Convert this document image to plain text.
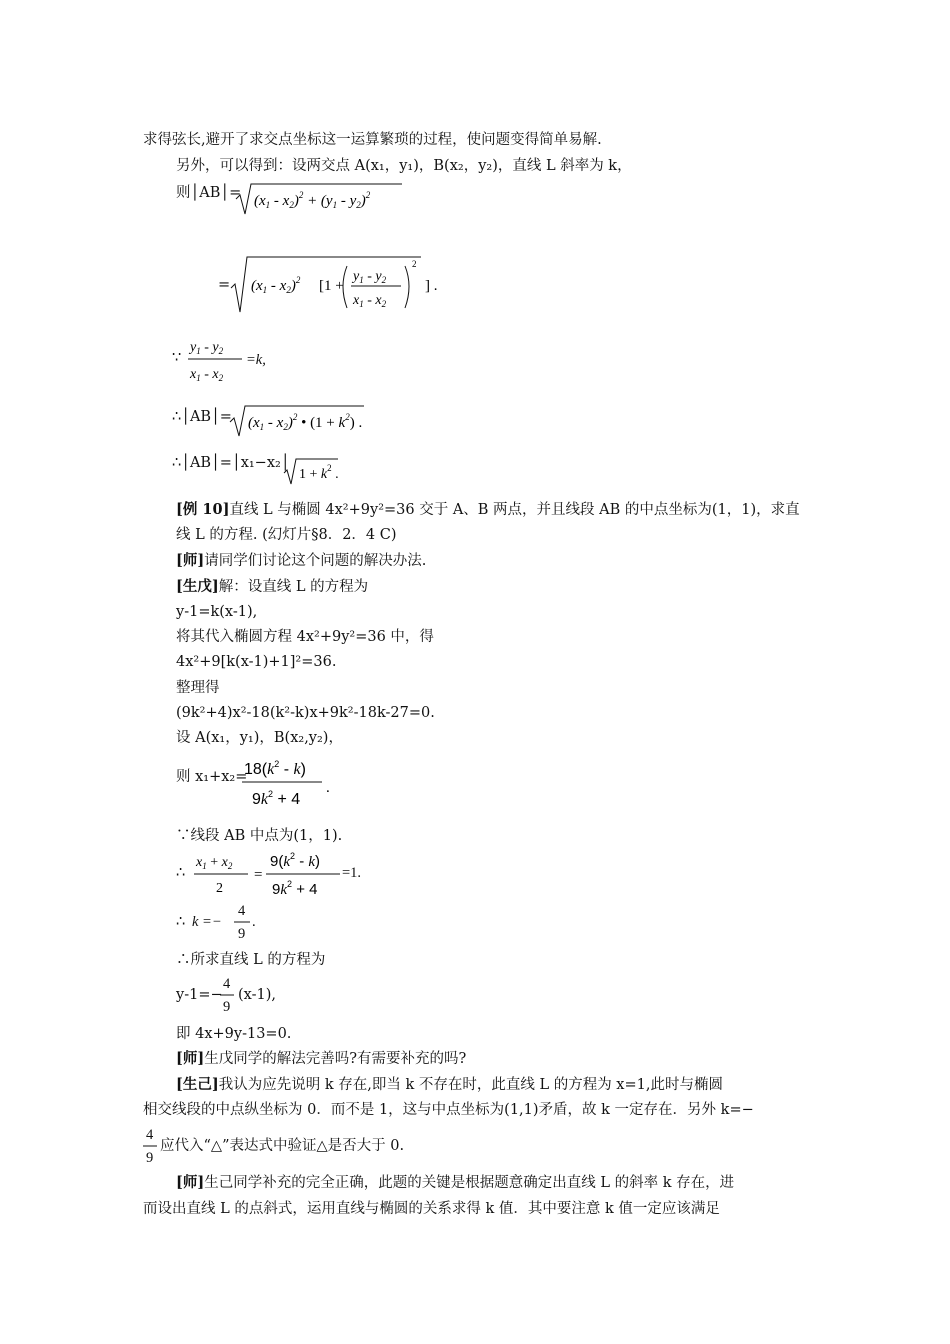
求得弦长,避开了求交点坐标这一运算繁琐的过程，使问题变得简单易解.
另外，可以得到：设两交点 A(x₁，y₁)，B(x₂，y₂)，直线 L 斜率为 k，
则│AB│= $(x_1 - x_2)^2 + (y_1 - y_2)^2$
= $(x_1 - x_2)^2$ [1 +
$y_1 - y_2$
$x_1 - x_2$
2
] .
∵
$y_1 - y_2$
$x_1 - x_2$
=k,
∴│AB│= $(x_1 - x_2)^2$ • $(1 + k^2)$ .
∴│AB│=│x₁−x₂│
$1 + k^2$ .
[例 10]直线 L 与椭圆 4x²+9y²=36 交于 A、B 两点，并且线段 AB 的中点坐标为(1，1)，求直
线 L 的方程. (幻灯片§8．2．4 C)
[师]请同学们讨论这个问题的解决办法.
[生戊]解：设直线 L 的方程为
y-1=k(x-1),
将其代入椭圆方程 4x²+9y²=36 中，得
4x²+9[k(x-1)+1]²=36.
整理得
(9k²+4)x²-18(k²-k)x+9k²-18k-27=0.
设 A(x₁，y₁)，B(x₂,y₂)，
则 x₁+x₂=
$18(k^2 - k)$
$9k^2 + 4$
.
∵线段 AB 中点为(1，1).
∴
$x_1 + x_2$
2
=
$9(k^2 - k)$
$9k^2 + 4$
=1.
∴ k =−
4
9
.
∴所求直线 L 的方程为
y-1=−
4
9
(x-1),
即 4x+9y-13=0.
[师]生戊同学的解法完善吗?有需要补充的吗?
[生己]我认为应先说明 k 存在,即当 k 不存在时，此直线 L 的方程为 x=1,此时与椭圆
相交线段的中点纵坐标为 0．而不是 1，这与中点坐标为(1,1)矛盾，故 k 一定存在．另外 k=−
4
9
应代入“△”表达式中验证△是否大于 0.
[师]生己同学补充的完全正确，此题的关键是根据题意确定出直线 L 的斜率 k 存在，进
而设出直线 L 的点斜式，运用直线与椭圆的关系求得 k 值．其中要注意 k 值一定应该满足
